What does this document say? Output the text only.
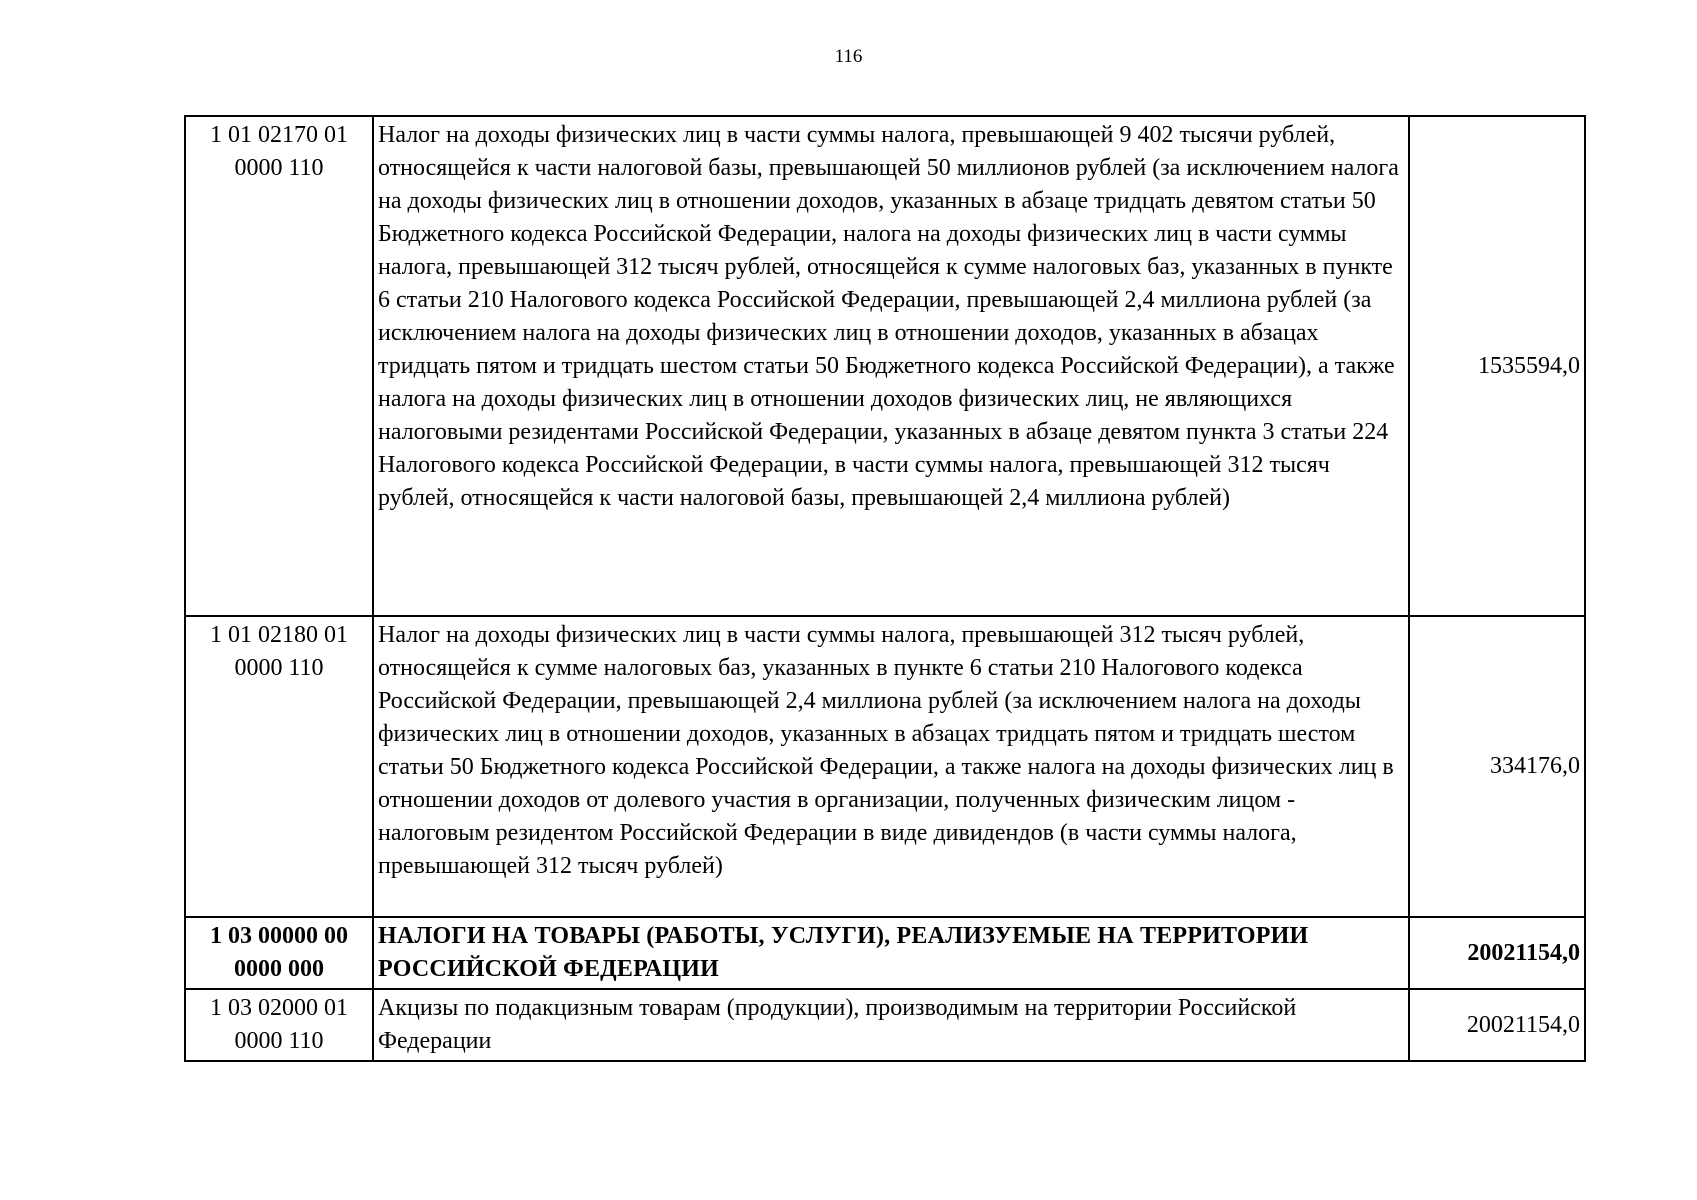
116
1 01 02170 01 0000 110	Налог на доходы физических лиц в части суммы налога, превышающей 9 402 тысячи рублей, относящейся к части налоговой базы, превышающей 50 миллионов рублей (за исключением налога на доходы физических лиц в отношении доходов, указанных в абзаце тридцать девятом статьи 50 Бюджетного кодекса Российской Федерации, налога на доходы физических лиц в части суммы налога, превышающей 312 тысяч рублей, относящейся к сумме налоговых баз, указанных в пункте 6 статьи 210 Налогового кодекса Российской Федерации, превышающей 2,4 миллиона рублей (за исключением налога на доходы физических лиц в отношении доходов, указанных в абзацах тридцать пятом и тридцать шестом статьи 50 Бюджетного кодекса Российской Федерации), а также налога на доходы физических лиц в отношении доходов физических лиц, не являющихся налоговыми резидентами Российской Федерации, указанных в абзаце девятом пункта 3 статьи 224 Налогового кодекса Российской Федерации, в части суммы налога, превышающей 312 тысяч рублей, относящейся к части налоговой базы, превышающей 2,4 миллиона рублей)	1535594,0
1 01 02180 01 0000 110	Налог на доходы физических лиц в части суммы налога, превышающей 312 тысяч рублей, относящейся к сумме налоговых баз, указанных в пункте 6 статьи 210 Налогового кодекса Российской Федерации, превышающей 2,4 миллиона рублей (за исключением налога на доходы физических лиц в отношении доходов, указанных в абзацах тридцать пятом и тридцать шестом статьи 50 Бюджетного кодекса Российской Федерации, а также налога на доходы физических лиц в отношении доходов от долевого участия в организации, полученных физическим лицом - налоговым резидентом Российской Федерации в виде дивидендов (в части суммы налога, превышающей 312 тысяч рублей)	334176,0
1 03 00000 00 0000 000	НАЛОГИ НА ТОВАРЫ (РАБОТЫ, УСЛУГИ), РЕАЛИЗУЕМЫЕ НА ТЕРРИТОРИИ РОССИЙСКОЙ ФЕДЕРАЦИИ	20021154,0
1 03 02000 01 0000 110	Акцизы по подакцизным товарам (продукции), производимым на территории Российской Федерации	20021154,0
